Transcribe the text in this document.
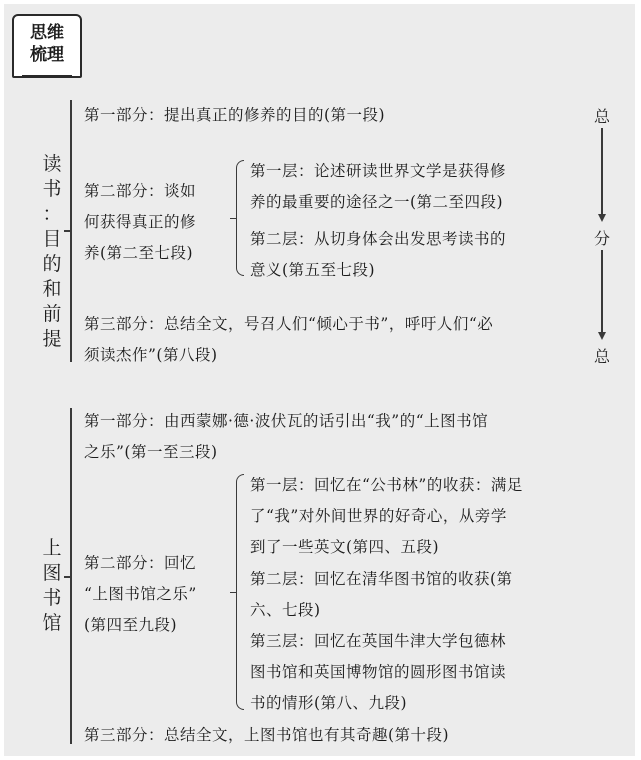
思维
梳理
读
书
：
目
的
和
前
提
第一部分：提出真正的修养的目的(第一段)
第二部分：谈如
何获得真正的修
养(第二至七段)
第一层：论述研读世界文学是获得修
养的最重要的途径之一(第二至四段)
第二层：从切身体会出发思考读书的
意义(第五至七段)
第三部分：总结全文，号召人们“倾心于书”，呼吁人们“必
须读杰作”(第八段)
总
分
总
上
图
书
馆
第一部分：由西蒙娜·德·波伏瓦的话引出“我”的“上图书馆
之乐”(第一至三段)
第二部分：回忆
“上图书馆之乐”
(第四至九段)
第一层：回忆在“公书林”的收获：满足
了“我”对外间世界的好奇心，从旁学
到了一些英文(第四、五段)
第二层：回忆在清华图书馆的收获(第
六、七段)
第三层：回忆在英国牛津大学包德林
图书馆和英国博物馆的圆形图书馆读
书的情形(第八、九段)
第三部分：总结全文，上图书馆也有其奇趣(第十段)
